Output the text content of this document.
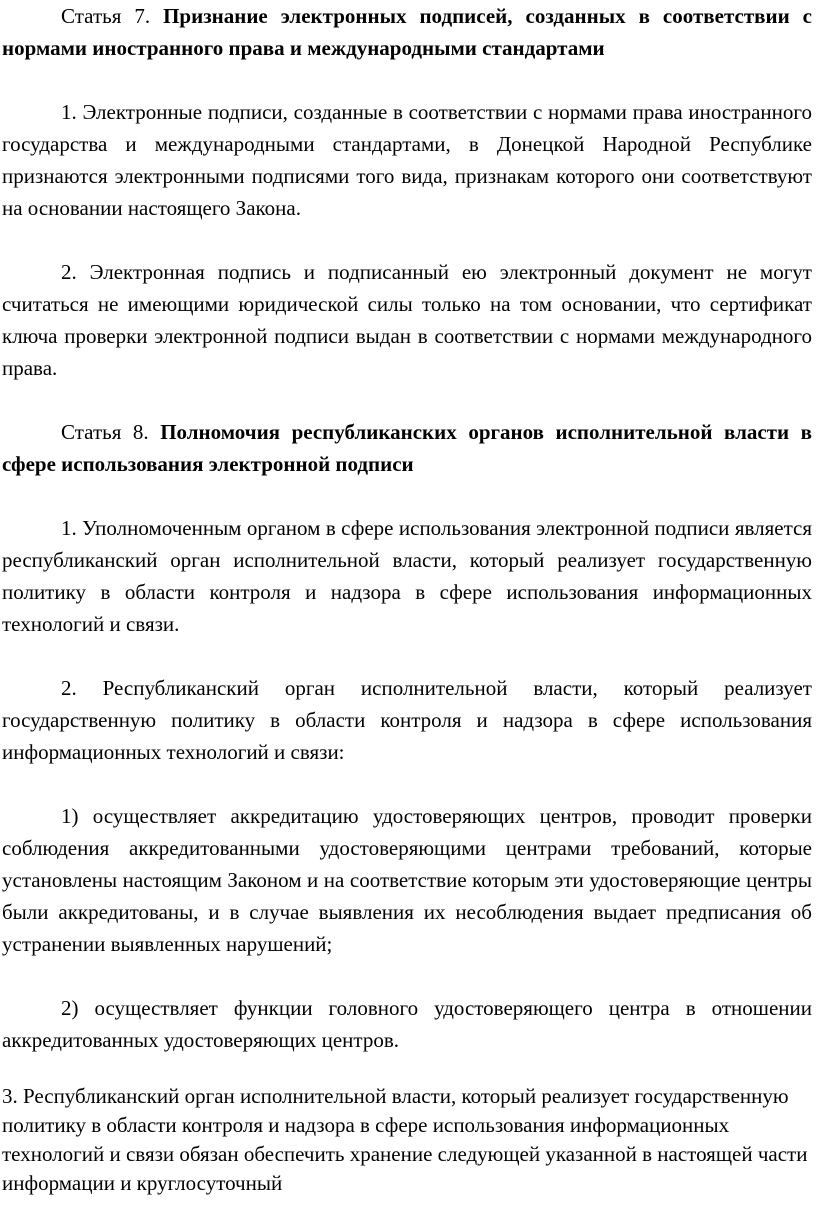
Статья 7. Признание электронных подписей, созданных в соответствии с нормами иностранного права и международными стандартами

1. Электронные подписи, созданные в соответствии с нормами права иностранного государства и международными стандартами, в Донецкой Народной Республике признаются электронными подписями того вида, признакам которого они соответствуют на основании настоящего Закона.

2. Электронная подпись и подписанный ею электронный документ не могут считаться не имеющими юридической силы только на том основании, что сертификат ключа проверки электронной подписи выдан в соответствии с нормами международного права.

Статья 8. Полномочия республиканских органов исполнительной власти в сфере использования электронной подписи

1. Уполномоченным органом в сфере использования электронной подписи является республиканский орган исполнительной власти, который реализует государственную политику в области контроля и надзора в сфере использования информационных технологий и связи.

2. Республиканский орган исполнительной власти, который реализует государственную политику в области контроля и надзора в сфере использования информационных технологий и связи:

1) осуществляет аккредитацию удостоверяющих центров, проводит проверки соблюдения аккредитованными удостоверяющими центрами требований, которые установлены настоящим Законом и на соответствие которым эти удостоверяющие центры были аккредитованы, и в случае выявления их несоблюдения выдает предписания об устранении выявленных нарушений;

2) осуществляет функции головного удостоверяющего центра в отношении аккредитованных удостоверяющих центров.

3. Республиканский орган исполнительной власти, который реализует государственную политику в области контроля и надзора в сфере использования информационных технологий и связи обязан обеспечить хранение следующей указанной в настоящей части информации и круглосуточный
